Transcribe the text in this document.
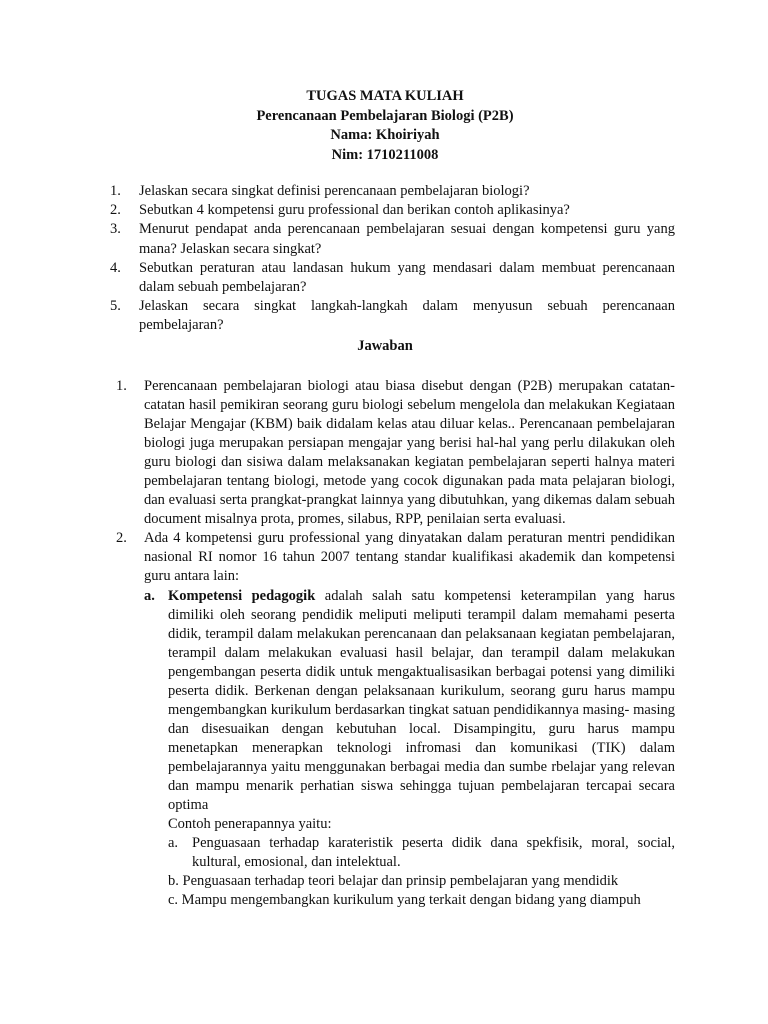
TUGAS MATA KULIAH
Perencanaan Pembelajaran Biologi (P2B)
Nama: Khoiriyah
Nim: 1710211008
1. Jelaskan secara singkat definisi perencanaan pembelajaran biologi?
2. Sebutkan 4 kompetensi guru professional dan berikan contoh aplikasinya?
3. Menurut pendapat anda perencanaan pembelajaran sesuai dengan kompetensi guru yang mana? Jelaskan secara singkat?
4. Sebutkan peraturan atau landasan hukum yang mendasari dalam membuat perencanaan dalam sebuah pembelajaran?
5. Jelaskan secara singkat langkah-langkah dalam menyusun sebuah perencanaan pembelajaran?
Jawaban
1. Perencanaan pembelajaran biologi atau biasa disebut dengan (P2B) merupakan catatan-catatan hasil pemikiran seorang guru biologi sebelum mengelola dan melakukan Kegiataan Belajar Mengajar (KBM) baik didalam kelas atau diluar kelas.. Perencanaan pembelajaran biologi juga merupakan persiapan mengajar yang berisi hal-hal yang perlu dilakukan oleh guru biologi dan sisiwa dalam melaksanakan kegiatan pembelajaran seperti halnya materi pembelajaran tentang biologi, metode yang cocok digunakan pada mata pelajaran biologi, dan evaluasi serta prangkat-prangkat lainnya yang dibutuhkan, yang dikemas dalam sebuah document misalnya prota, promes, silabus, RPP, penilaian serta evaluasi.
2. Ada 4 kompetensi guru professional yang dinyatakan dalam peraturan mentri pendidikan nasional RI nomor 16 tahun 2007 tentang standar kualifikasi akademik dan kompetensi guru antara lain:
a. Kompetensi pedagogik adalah salah satu kompetensi keterampilan yang harus dimiliki oleh seorang pendidik meliputi meliputi terampil dalam memahami peserta didik, terampil dalam melakukan perencanaan dan pelaksanaan kegiatan pembelajaran, terampil dalam melakukan evaluasi hasil belajar, dan terampil dalam melakukan pengembangan peserta didik untuk mengaktualisasikan berbagai potensi yang dimiliki peserta didik. Berkenan dengan pelaksanaan kurikulum, seorang guru harus mampu mengembangkan kurikulum berdasarkan tingkat satuan pendidikannya masing- masing dan disesuaikan dengan kebutuhan local. Disampingitu, guru harus mampu menetapkan menerapkan teknologi infromasi dan komunikasi (TIK) dalam pembelajarannya yaitu menggunakan berbagai media dan sumbe rbelajar yang relevan dan mampu menarik perhatian siswa sehingga tujuan pembelajaran tercapai secara optima
Contoh penerapannya yaitu:
a. Penguasaan terhadap karateristik peserta didik dana spekfisik, moral, social, kultural, emosional, dan intelektual.
b. Penguasaan terhadap teori belajar dan prinsip pembelajaran yang mendidik
c. Mampu mengembangkan kurikulum yang terkait dengan bidang yang diampuh
